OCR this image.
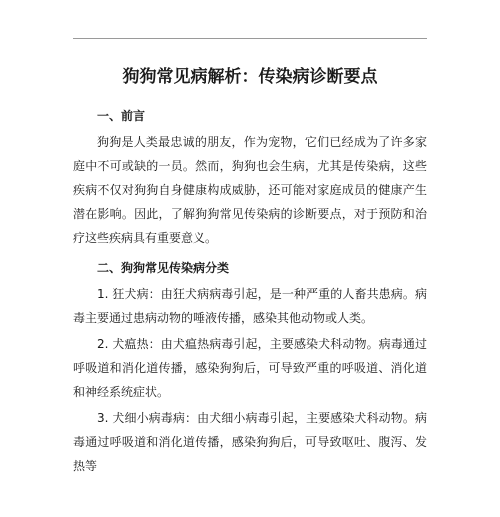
狗狗常见病解析：传染病诊断要点
一、前言

狗狗是人类最忠诚的朋友，作为宠物，它们已经成为了许多家庭中不可或缺的一员。然而，狗狗也会生病，尤其是传染病，这些疾病不仅对狗狗自身健康构成威胁，还可能对家庭成员的健康产生潜在影响。因此，了解狗狗常见传染病的诊断要点，对于预防和治疗这些疾病具有重要意义。

二、狗狗常见传染病分类

1. 狂犬病：由狂犬病病毒引起，是一种严重的人畜共患病。病毒主要通过患病动物的唾液传播，感染其他动物或人类。

2. 犬瘟热：由犬瘟热病毒引起，主要感染犬科动物。病毒通过呼吸道和消化道传播，感染狗狗后，可导致严重的呼吸道、消化道和神经系统症状。

3. 犬细小病毒病：由犬细小病毒引起，主要感染犬科动物。病毒通过呼吸道和消化道传播，感染狗狗后，可导致呕吐、腹泻、发热等
